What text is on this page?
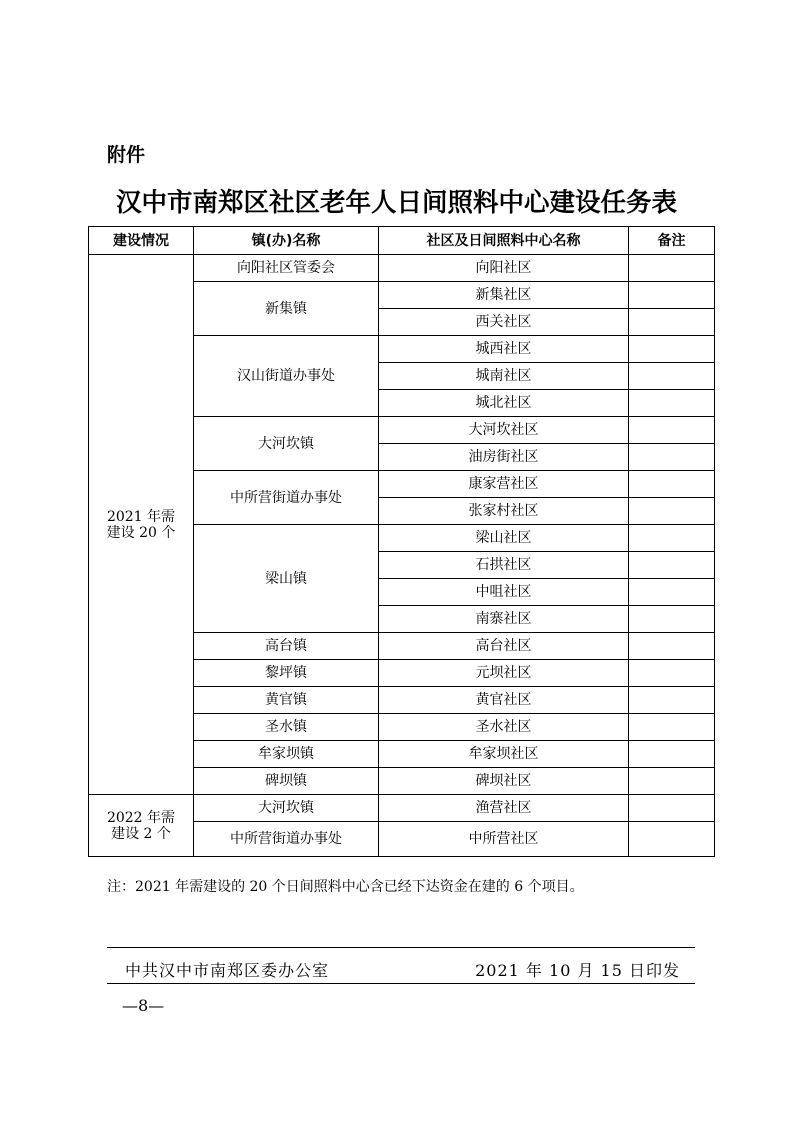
附件
汉中市南郑区社区老年人日间照料中心建设任务表
建设情况	镇(办)名称	社区及日间照料中心名称	备注

2021 年需建设 20 个	向阳社区管委会	向阳社区	
	新集镇	新集社区	
		西关社区	
	汉山街道办事处	城西社区	
		城南社区	
		城北社区	
	大河坎镇	大河坎社区	
		油房街社区	
	中所营街道办事处	康家营社区	
		张家村社区	
	梁山镇	梁山社区	
		石拱社区	
		中咀社区	
		南寨社区	
	高台镇	高台社区	
	黎坪镇	元坝社区	
	黄官镇	黄官社区	
	圣水镇	圣水社区	
	牟家坝镇	牟家坝社区	
	碑坝镇	碑坝社区	

2022 年需建设 2 个	大河坎镇	渔营社区	
	中所营街道办事处	中所营社区	
注：2021 年需建设的 20 个日间照料中心含已经下达资金在建的 6 个项目。
中共汉中市南郑区委办公室	2021 年 10 月 15 日印发
—8—
